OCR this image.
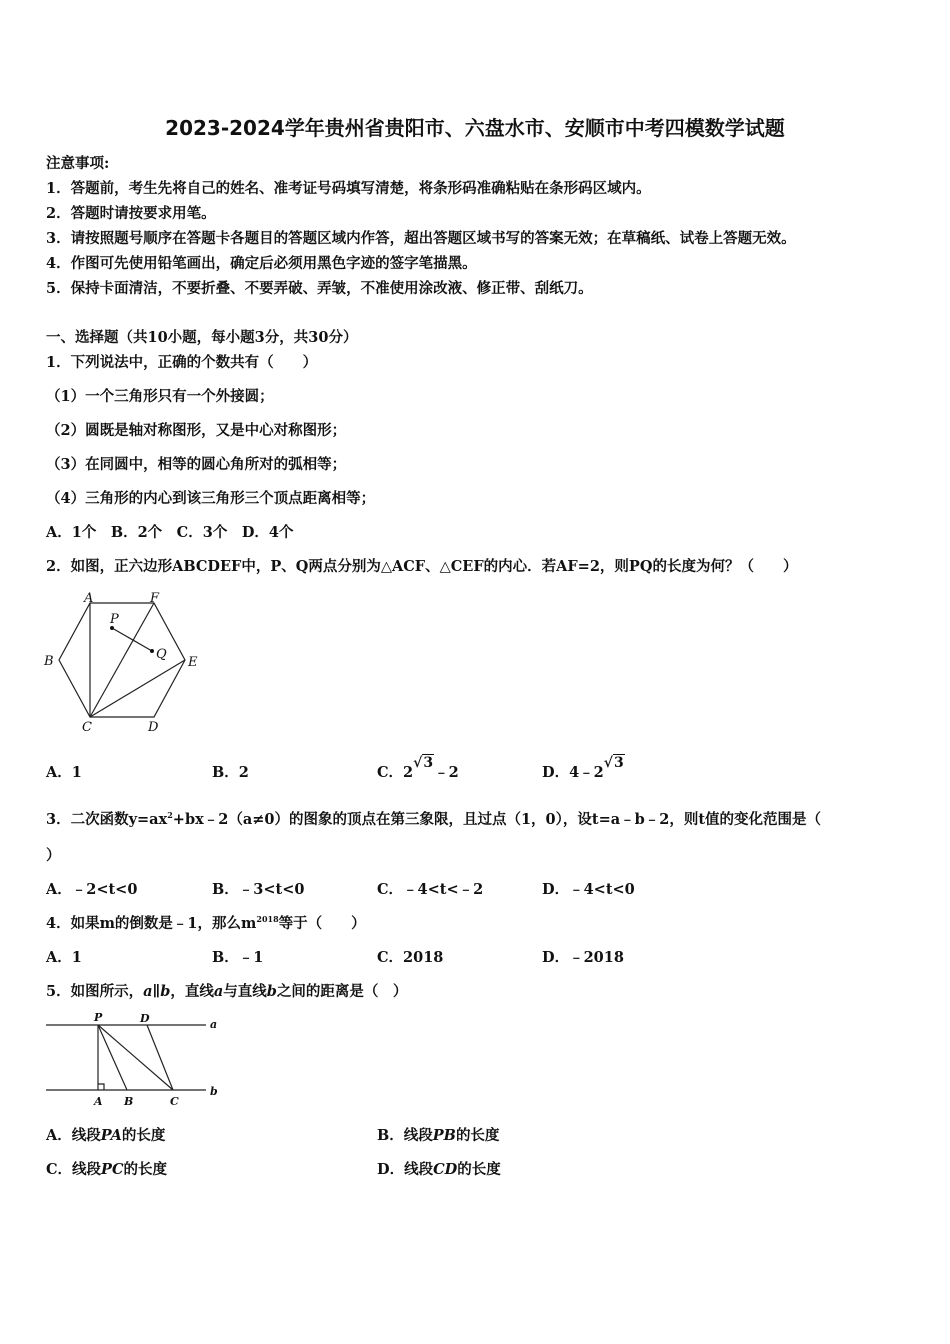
2023-2024学年贵州省贵阳市、六盘水市、安顺市中考四模数学试题
注意事项:
1．答题前，考生先将自己的姓名、准考证号码填写清楚，将条形码准确粘贴在条形码区域内。
2．答题时请按要求用笔。
3．请按照题号顺序在答题卡各题目的答题区域内作答，超出答题区域书写的答案无效；在草稿纸、试卷上答题无效。
4．作图可先使用铅笔画出，确定后必须用黑色字迹的签字笔描黑。
5．保持卡面清洁，不要折叠、不要弄破、弄皱，不准使用涂改液、修正带、刮纸刀。
一、选择题（共10小题，每小题3分，共30分）
1．下列说法中，正确的个数共有（　　）
（1）一个三角形只有一个外接圆；
（2）圆既是轴对称图形，又是中心对称图形；
（3）在同圆中，相等的圆心角所对的弧相等；
（4）三角形的内心到该三角形三个顶点距离相等；
A．1个　B．2个　C．3个　D．4个
2．如图，正六边形ABCDEF中，P、Q两点分别为△ACF、△CEF的内心．若AF=2，则PQ的长度为何？（　　）
A	F
B	E
C	D
P
Q
A．1	B．2	C．2√3﹣2	D．4﹣2√3
3．二次函数$y=ax^2+bx﹣2(a\ne 0)$的图象的顶点在第三象限，且过点（1，0），设t=a﹣b﹣2，则t值的变化范围是（
）
A．﹣2<t<0	B．﹣3<t<0	C．﹣4<t<﹣2	D．﹣4<t<0
4．如果m的倒数是﹣1，那么$m^{2018}$等于（　　）
A．1	B．﹣1	C．2018	D．﹣2018
5．如图所示，a∥b，直线a与直线b之间的距离是（　）
P	D	a
A B	C
b
A．线段PA的长度	B．线段PB的长度
C．线段PC的长度	D．线段CD的长度
